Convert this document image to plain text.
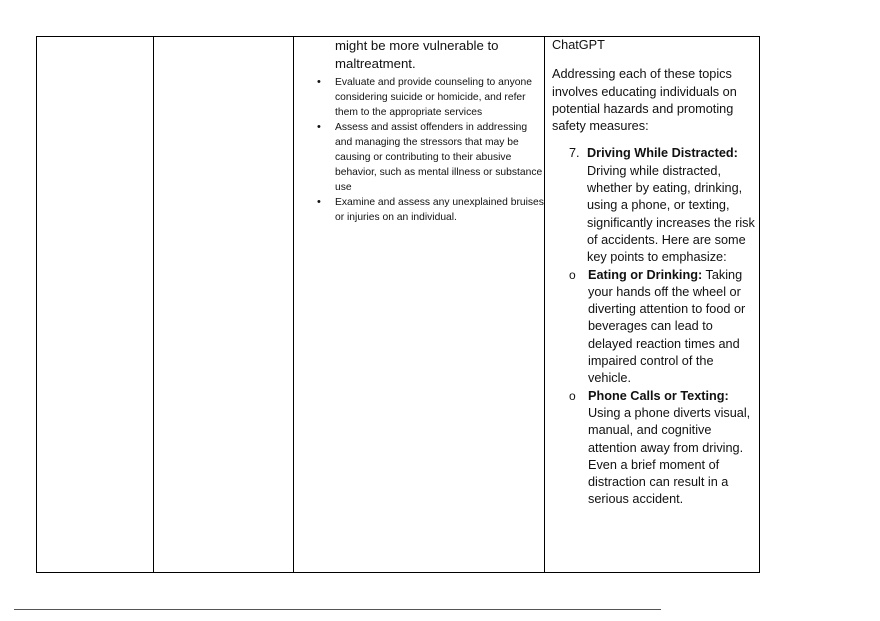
might be more vulnerable to maltreatment.

• Evaluate and provide counseling to anyone considering suicide or homicide, and refer them to the appropriate services
• Assess and assist offenders in addressing and managing the stressors that may be causing or contributing to their abusive behavior, such as mental illness or substance use
• Examine and assess any unexplained bruises or injuries on an individual.

ChatGPT

Addressing each of these topics involves educating individuals on potential hazards and promoting safety measures:

7. Driving While Distracted: Driving while distracted, whether by eating, drinking, using a phone, or texting, significantly increases the risk of accidents. Here are some key points to emphasize:
o Eating or Drinking: Taking your hands off the wheel or diverting attention to food or beverages can lead to delayed reaction times and impaired control of the vehicle.
o Phone Calls or Texting: Using a phone diverts visual, manual, and cognitive attention away from driving. Even a brief moment of distraction can result in a serious accident.
